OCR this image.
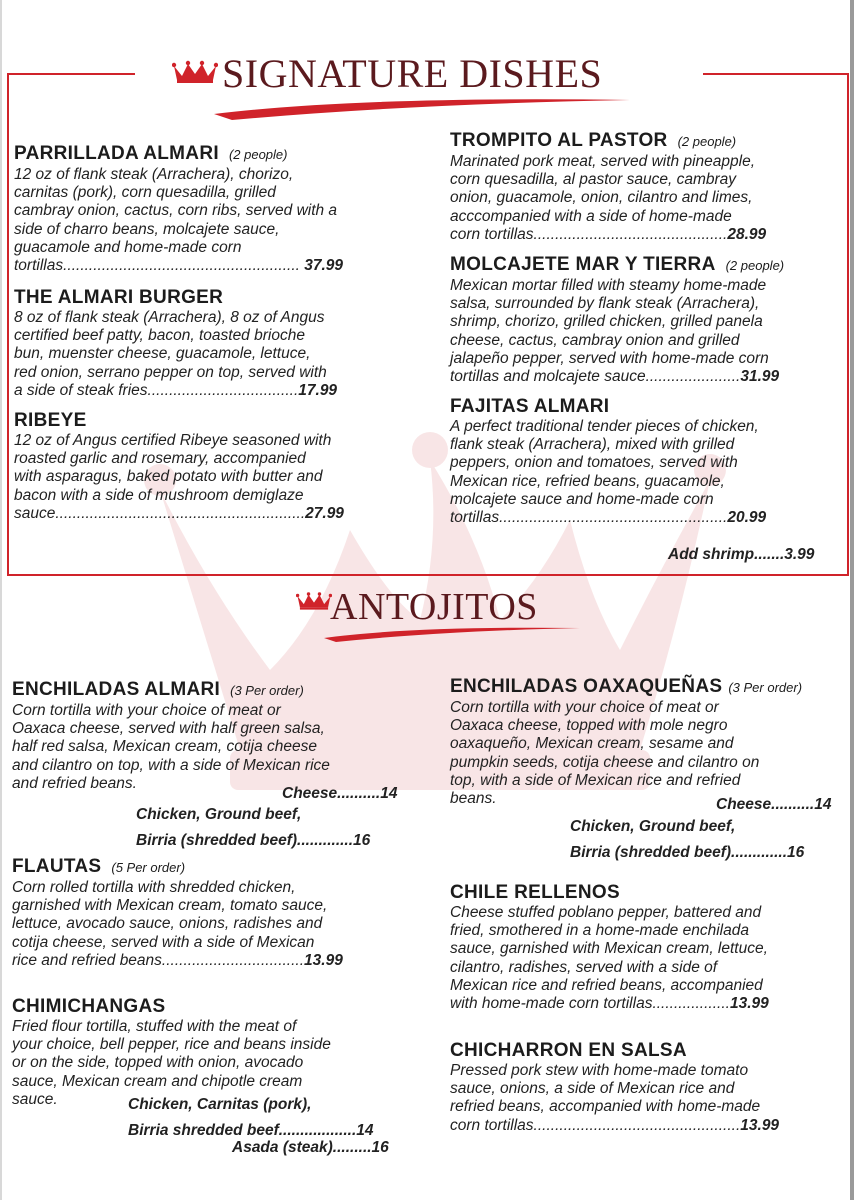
SIGNATURE DISHES
PARRILLADA ALMARI (2 people)
12 oz of flank steak (Arrachera), chorizo,
carnitas (pork), corn quesadilla, grilled
cambray onion, cactus, corn ribs, served with a
side of charro beans, molcajete sauce,
guacamole and home-made corn
tortillas....................................................... 37.99
THE ALMARI BURGER
8 oz of flank steak (Arrachera), 8 oz of Angus
certified beef patty, bacon, toasted brioche
bun, muenster cheese, guacamole, lettuce,
red onion, serrano pepper on top, served with
a side of steak fries...................................17.99
RIBEYE
12 oz of Angus certified Ribeye seasoned with
roasted garlic and rosemary, accompanied
with asparagus, baked potato with butter and
bacon with a side of mushroom demiglaze
sauce..........................................................27.99
TROMPITO AL PASTOR (2 people)
Marinated pork meat, served with pineapple,
corn quesadilla, al pastor sauce, cambray
onion, guacamole, onion, cilantro and limes,
acccompanied with a side of home-made
corn tortillas.............................................28.99
MOLCAJETE MAR Y TIERRA (2 people)
Mexican mortar filled with steamy home-made
salsa, surrounded by flank steak (Arrachera),
shrimp, chorizo, grilled chicken, grilled panela
cheese, cactus, cambray onion and grilled
jalapeño pepper, served with home-made corn
tortillas and molcajete sauce......................31.99
FAJITAS ALMARI
A perfect traditional tender pieces of chicken,
flank steak (Arrachera), mixed with grilled
peppers, onion and tomatoes, served with
Mexican rice, refried beans, guacamole,
molcajete sauce and home-made corn
tortillas.....................................................20.99
Add shrimp.......3.99
ANTOJITOS
ENCHILADAS ALMARI (3 Per order)
Corn tortilla with your choice of meat or
Oaxaca cheese, served with half green salsa,
half red salsa, Mexican cream, cotija cheese
and cilantro on top, with a side of Mexican rice
and refried beans.
Cheese..........14
Chicken, Ground beef,
Birria (shredded beef).............16
FLAUTAS (5 Per order)
Corn rolled tortilla with shredded chicken,
garnished with Mexican cream, tomato sauce,
lettuce, avocado sauce, onions, radishes and
cotija cheese, served with a side of Mexican
rice and refried beans.................................13.99
CHIMICHANGAS
Fried flour tortilla, stuffed with the meat of
your choice, bell pepper, rice and beans inside
or on the side, topped with onion, avocado
sauce, Mexican cream and chipotle cream
sauce.	Chicken, Carnitas (pork),
Birria shredded beef..................14
Asada (steak).........16
ENCHILADAS OAXAQUEÑAS (3 Per order)
Corn tortilla with your choice of meat or
Oaxaca cheese, topped with mole negro
oaxaqueño, Mexican cream, sesame and
pumpkin seeds, cotija cheese and cilantro on
top, with a side of Mexican rice and refried
beans.	Cheese..........14
Chicken, Ground beef,
Birria (shredded beef).............16
CHILE RELLENOS
Cheese stuffed poblano pepper, battered and
fried, smothered in a home-made enchilada
sauce, garnished with Mexican cream, lettuce,
cilantro, radishes, served with a side of
Mexican rice and refried beans, accompanied
with home-made corn tortillas..................13.99
CHICHARRON EN SALSA
Pressed pork stew with home-made tomato
sauce, onions, a side of Mexican rice and
refried beans, accompanied with home-made
corn tortillas................................................13.99
